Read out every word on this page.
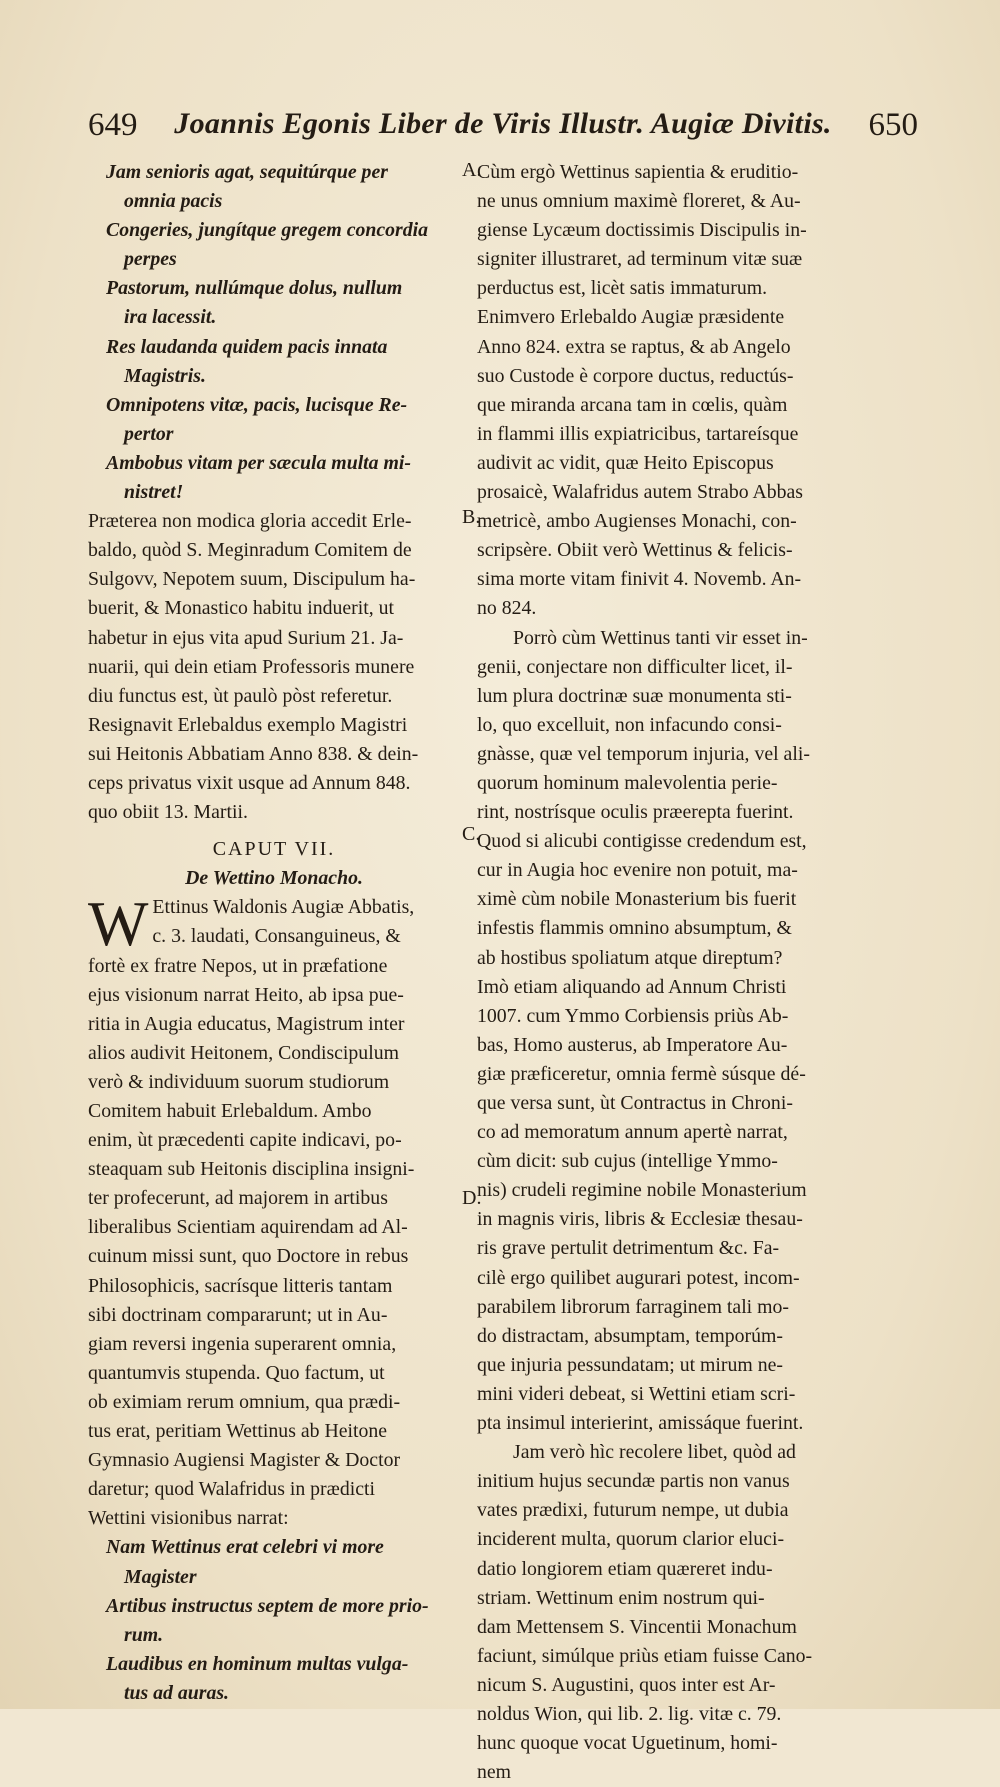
649	Joannis Egonis Liber de Viris Illustr. Augiæ Divitis.	650
A.
B.
C.
D.
Jam senioris agat, sequitúrque per
omnia pacis
Congeries, jungítque gregem concordia
perpes
Pastorum, nullúmque dolus, nullum
ira lacessit.
Res laudanda quidem pacis innata
Magistris.
Omnipotens vitæ, pacis, lucisque Re-
pertor
Ambobus vitam per sæcula multa mi-
nistret!
Præterea non modica gloria accedit Erle-
baldo, quòd S. Meginradum Comitem de
Sulgovv, Nepotem suum, Discipulum ha-
buerit, & Monastico habitu induerit, ut
habetur in ejus vita apud Surium 21. Ja-
nuarii, qui dein etiam Professoris munere
diu functus est, ùt paulò pòst referetur.
Resignavit Erlebaldus exemplo Magistri
sui Heitonis Abbatiam Anno 838. & dein-
ceps privatus vixit usque ad Annum 848.
quo obiit 13. Martii.

CAPUT VII.

De Wettino Monacho.

W Ettinus Waldonis Augiæ Abbatis,
c. 3. laudati, Consanguineus, &
fortè ex fratre Nepos, ut in præfatione
ejus visionum narrat Heito, ab ipsa pue-
ritia in Augia educatus, Magistrum inter
alios audivit Heitonem, Condiscipulum
verò & individuum suorum studiorum
Comitem habuit Erlebaldum. Ambo
enim, ùt præcedenti capite indicavi, po-
steaquam sub Heitonis disciplina insigni-
ter profecerunt, ad majorem in artibus
liberalibus Scientiam aquirendam ad Al-
cuinum missi sunt, quo Doctore in rebus
Philosophicis, sacrísque litteris tantam
sibi doctrinam compararunt; ut in Au-
giam reversi ingenia superarent omnia,
quantumvis stupenda. Quo factum, ut
ob eximiam rerum omnium, qua prædi-
tus erat, peritiam Wettinus ab Heitone
Gymnasio Augiensi Magister & Doctor
daretur; quod Walafridus in prædicti
Wettini visionibus narrat:
Nam Wettinus erat celebri vi more
Magister
Artibus instructus septem de more prio-
rum.
Laudibus en hominum multas vulga-
tus ad auras.
Cùm ergò Wettinus sapientia & eruditio-
ne unus omnium maximè floreret, & Au-
giense Lycæum doctissimis Discipulis in-
signiter illustraret, ad terminum vitæ suæ
perductus est, licèt satis immaturum.
Enimvero Erlebaldo Augiæ præsidente
Anno 824. extra se raptus, & ab Angelo
suo Custode è corpore ductus, reductús-
que miranda arcana tam in cœlis, quàm
in flammi illis expiatricibus, tartareísque
audivit ac vidit, quæ Heito Episcopus
prosaicè, Walafridus autem Strabo Abbas
metricè, ambo Augienses Monachi, con-
scripsère. Obiit verò Wettinus & felicis-
sima morte vitam finivit 4. Novemb. An-
no 824.
Porrò cùm Wettinus tanti vir esset in-
genii, conjectare non difficulter licet, il-
lum plura doctrinæ suæ monumenta sti-
lo, quo excelluit, non infacundo consi-
gnàsse, quæ vel temporum injuria, vel ali-
quorum hominum malevolentia perie-
rint, nostrísque oculis præerepta fuerint.
Quod si alicubi contigisse credendum est,
cur in Augia hoc evenire non potuit, ma-
ximè cùm nobile Monasterium bis fuerit
infestis flammis omnino absumptum, &
ab hostibus spoliatum atque direptum?
Imò etiam aliquando ad Annum Christi
1007. cum Ymmo Corbiensis priùs Ab-
bas, Homo austerus, ab Imperatore Au-
giæ præficeretur, omnia fermè súsque dé-
que versa sunt, ùt Contractus in Chroni-
co ad memoratum annum apertè narrat,
cùm dicit: sub cujus (intellige Ymmo-
nis) crudeli regimine nobile Monasterium
in magnis viris, libris & Ecclesiæ thesau-
ris grave pertulit detrimentum &c. Fa-
cilè ergo quilibet augurari potest, incom-
parabilem librorum farraginem tali mo-
do distractam, absumptam, temporúm-
que injuria pessundatam; ut mirum ne-
mini videri debeat, si Wettini etiam scri-
pta insimul interierint, amissáque fuerint.
Jam verò hìc recolere libet, quòd ad
initium hujus secundæ partis non vanus
vates prædixi, futurum nempe, ut dubia
inciderent multa, quorum clarior eluci-
datio longiorem etiam quæreret indu-
striam. Wettinum enim nostrum qui-
dam Mettensem S. Vincentii Monachum
faciunt, simúlque priùs etiam fuisse Cano-
nicum S. Augustini, quos inter est Ar-
noldus Wion, qui lib. 2. lig. vitæ c. 79.
hunc quoque vocat Uguetinum, homi-
nem
